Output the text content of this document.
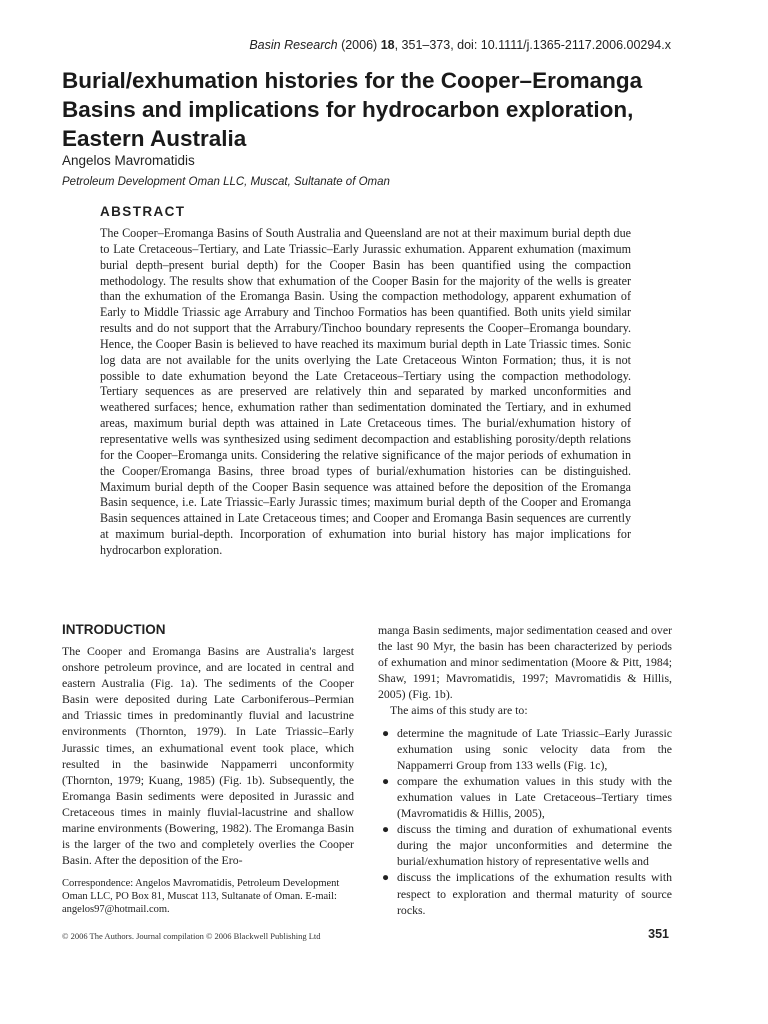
Basin Research (2006) 18, 351–373, doi: 10.1111/j.1365-2117.2006.00294.x
Burial/exhumation histories for the Cooper–Eromanga Basins and implications for hydrocarbon exploration, Eastern Australia
Angelos Mavromatidis
Petroleum Development Oman LLC, Muscat, Sultanate of Oman
ABSTRACT

The Cooper–Eromanga Basins of South Australia and Queensland are not at their maximum burial depth due to Late Cretaceous–Tertiary, and Late Triassic–Early Jurassic exhumation. Apparent exhumation (maximum burial depth–present burial depth) for the Cooper Basin has been quantified using the compaction methodology. The results show that exhumation of the Cooper Basin for the majority of the wells is greater than the exhumation of the Eromanga Basin. Using the compaction methodology, apparent exhumation of Early to Middle Triassic age Arrabury and Tinchoo Formatios has been quantified. Both units yield similar results and do not support that the Arrabury/Tinchoo boundary represents the Cooper–Eromanga boundary. Hence, the Cooper Basin is believed to have reached its maximum burial depth in Late Triassic times. Sonic log data are not available for the units overlying the Late Cretaceous Winton Formation; thus, it is not possible to date exhumation beyond the Late Cretaceous–Tertiary using the compaction methodology. Tertiary sequences as are preserved are relatively thin and separated by marked unconformities and weathered surfaces; hence, exhumation rather than sedimentation dominated the Tertiary, and in exhumed areas, maximum burial depth was attained in Late Cretaceous times. The burial/exhumation history of representative wells was synthesized using sediment decompaction and establishing porosity/depth relations for the Cooper–Eromanga units. Considering the relative significance of the major periods of exhumation in the Cooper/Eromanga Basins, three broad types of burial/exhumation histories can be distinguished. Maximum burial depth of the Cooper Basin sequence was attained before the deposition of the Eromanga Basin sequence, i.e. Late Triassic–Early Jurassic times; maximum burial depth of the Cooper and Eromanga Basin sequences attained in Late Cretaceous times; and Cooper and Eromanga Basin sequences are currently at maximum burial-depth. Incorporation of exhumation into burial history has major implications for hydrocarbon exploration.

INTRODUCTION

The Cooper and Eromanga Basins are Australia's largest onshore petroleum province, and are located in central and eastern Australia (Fig. 1a). The sediments of the Cooper Basin were deposited during Late Carboniferous–Permian and Triassic times in predominantly fluvial and lacustrine environments (Thornton, 1979). In Late Triassic–Early Jurassic times, an exhumational event took place, which resulted in the basinwide Nappamerri unconformity (Thornton, 1979; Kuang, 1985) (Fig. 1b). Subsequently, the Eromanga Basin sediments were deposited in Jurassic and Cretaceous times in mainly fluvial-lacustrine and shallow marine environments (Bowering, 1982). The Eromanga Basin is the larger of the two and completely overlies the Cooper Basin. After the deposition of the Ero-

manga Basin sediments, major sedimentation ceased and over the last 90 Myr, the basin has been characterized by periods of exhumation and minor sedimentation (Moore & Pitt, 1984; Shaw, 1991; Mavromatidis, 1997; Mavromatidis & Hillis, 2005) (Fig. 1b).

The aims of this study are to:

● determine the magnitude of Late Triassic–Early Jurassic exhumation using sonic velocity data from the Nappamerri Group from 133 wells (Fig. 1c),
● compare the exhumation values in this study with the exhumation values in Late Cretaceous–Tertiary times (Mavromatidis & Hillis, 2005),
● discuss the timing and duration of exhumational events during the major unconformities and determine the burial/exhumation history of representative wells and
● discuss the implications of the exhumation results with respect to exploration and thermal maturity of source rocks.

Correspondence: Angelos Mavromatidis, Petroleum Development Oman LLC, PO Box 81, Muscat 113, Sultanate of Oman. E-mail: angelos97@hotmail.com.

© 2006 The Authors. Journal compilation © 2006 Blackwell Publishing Ltd	351
